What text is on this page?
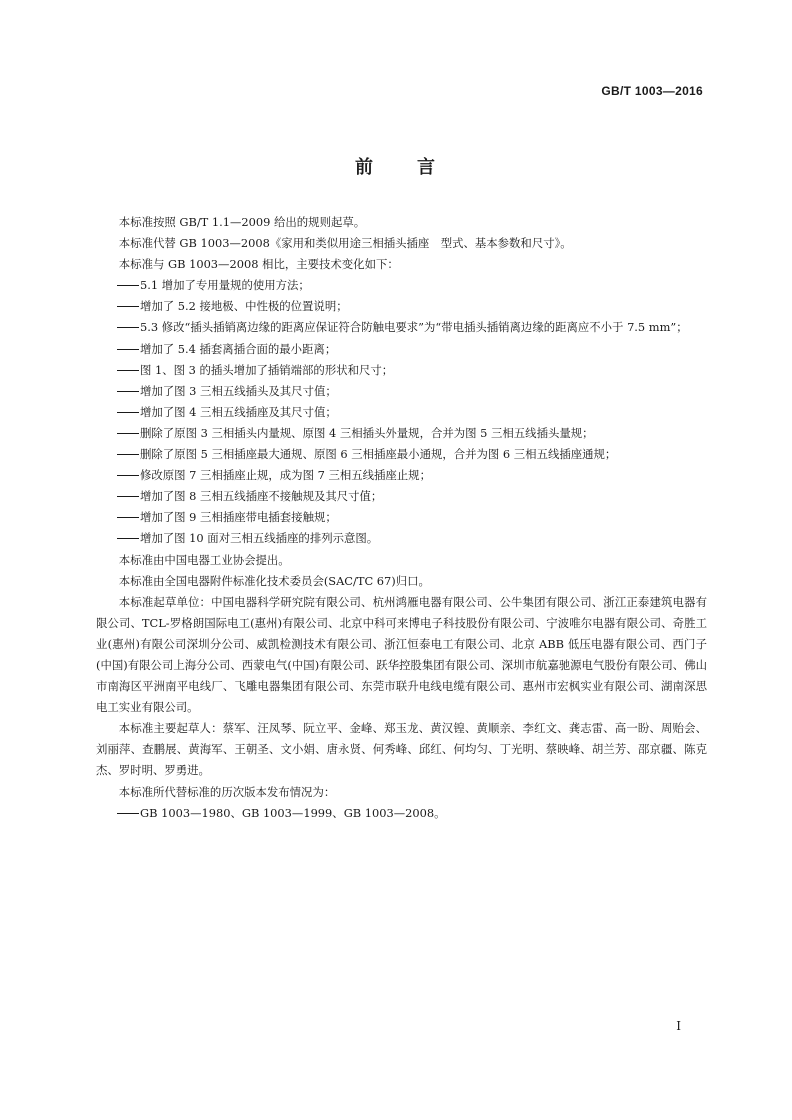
GB/T 1003—2016
前 言

本标准按照 GB/T 1.1—2009 给出的规则起草。

本标准代替 GB 1003—2008《家用和类似用途三相插头插座　型式、基本参数和尺寸》。

本标准与 GB 1003—2008 相比，主要技术变化如下：

5.1 增加了专用量规的使用方法；

增加了 5.2 接地极、中性极的位置说明；

5.3 修改“插头插销离边缘的距离应保证符合防触电要求”为“带电插头插销离边缘的距离应不小于 7.5 mm”；

增加了 5.4 插套离插合面的最小距离；

图 1、图 3 的插头增加了插销端部的形状和尺寸；

增加了图 3 三相五线插头及其尺寸值；

增加了图 4 三相五线插座及其尺寸值；

删除了原图 3 三相插头内量规、原图 4 三相插头外量规，合并为图 5 三相五线插头量规；

删除了原图 5 三相插座最大通规、原图 6 三相插座最小通规，合并为图 6 三相五线插座通规；

修改原图 7 三相插座止规，成为图 7 三相五线插座止规；

增加了图 8 三相五线插座不接触规及其尺寸值；

增加了图 9 三相插座带电插套接触规；

增加了图 10 面对三相五线插座的排列示意图。

本标准由中国电器工业协会提出。

本标准由全国电器附件标准化技术委员会(SAC/TC 67)归口。

本标准起草单位：中国电器科学研究院有限公司、杭州鸿雁电器有限公司、公牛集团有限公司、浙江正泰建筑电器有限公司、TCL-罗格朗国际电工(惠州)有限公司、北京中科可来博电子科技股份有限公司、宁波唯尔电器有限公司、奇胜工业(惠州)有限公司深圳分公司、威凯检测技术有限公司、浙江恒泰电工有限公司、北京 ABB 低压电器有限公司、西门子(中国)有限公司上海分公司、西蒙电气(中国)有限公司、跃华控股集团有限公司、深圳市航嘉驰源电气股份有限公司、佛山市南海区平洲南平电线厂、飞雕电器集团有限公司、东莞市联升电线电缆有限公司、惠州市宏枫实业有限公司、湖南深思电工实业有限公司。

本标准主要起草人：蔡军、汪凤琴、阮立平、金峰、郑玉龙、黄汉锽、黄顺亲、李红文、龚志雷、高一盼、周贻会、刘丽萍、查鹏展、黄海军、王朝圣、文小娟、唐永贤、何秀峰、邱红、何均匀、丁光明、蔡映峰、胡兰芳、邵京疆、陈克杰、罗时明、罗勇进。

本标准所代替标准的历次版本发布情况为：

GB 1003—1980、GB 1003—1999、GB 1003—2008。

I
